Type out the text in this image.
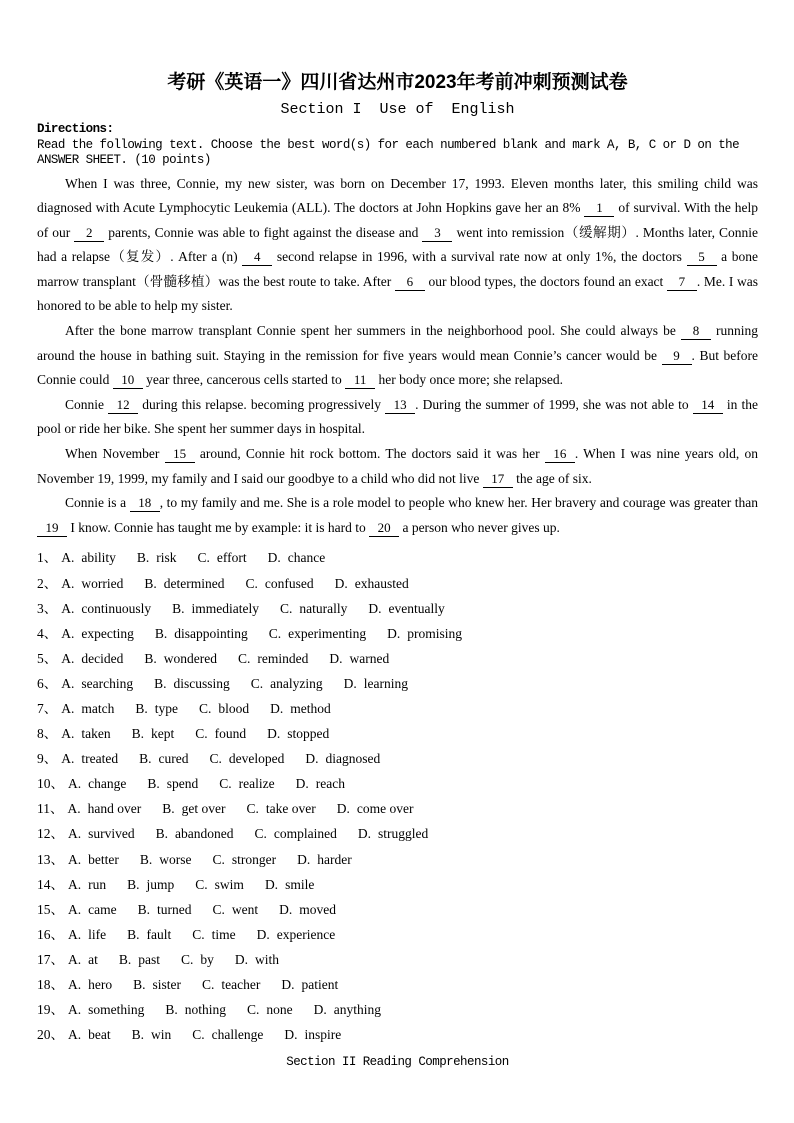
考研《英语一》四川省达州市2023年考前冲刺预测试卷
Section I  Use of  English
Directions:
Read the following text. Choose the best word(s) for each numbered blank and mark A, B, C or D on the ANSWER SHEET. (10 points)

When I was three, Connie, my new sister, was born on December 17, 1993. Eleven months later, this smiling child was diagnosed with Acute Lymphocytic Leukemia (ALL). The doctors at John Hopkins gave her an 8% 1 of survival. With the help of our 2 parents, Connie was able to fight against the disease and 3 went into remission（缓解期）. Months later, Connie had a relapse（复发）. After a (n) 4 second relapse in 1996, with a survival rate now at only 1%, the doctors 5 a bone marrow transplant（骨髓移植）was the best route to take. After 6 our blood types, the doctors found an exact 7 . Me. I was honored to be able to help my sister.

After the bone marrow transplant Connie spent her summers in the neighborhood pool. She could always be 8 running around the house in bathing suit. Staying in the remission for five years would mean Connie’s cancer would be 9 . But before Connie could 10 year three, cancerous cells started to 11 her body once more; she relapsed.

Connie 12 during this relapse. becoming progressively 13 . During the summer of 1999, she was not able to 14 in the pool or ride her bike. She spent her summer days in hospital.

When November 15 around, Connie hit rock bottom. The doctors said it was her 16 . When I was nine years old, on November 19, 1999, my family and I said our goodbye to a child who did not live 17 the age of six.

Connie is a 18 , to my family and me. She is a role model to people who knew her. Her bravery and courage was greater than 19 I know. Connie has taught me by example: it is hard to 20 a person who never gives up.

1、 A. ability B. risk C. effort D. chance
2、 A. worried B. determined C. confused D. exhausted
3、 A. continuously B. immediately C. naturally D. eventually
4、 A. expecting B. disappointing C. experimenting D. promising
5、 A. decided B. wondered C. reminded D. warned
6、 A. searching B. discussing C. analyzing D. learning
7、 A. match B. type C. blood D. method
8、 A. taken B. kept C. found D. stopped
9、 A. treated B. cured C. developed D. diagnosed
10、 A. change B. spend C. realize D. reach
11、 A. hand over B. get over C. take over D. come over
12、 A. survived B. abandoned C. complained D. struggled
13、 A. better B. worse C. stronger D. harder
14、 A. run B. jump C. swim D. smile
15、 A. came B. turned C. went D. moved
16、 A. life B. fault C. time D. experience
17、 A. at B. past C. by D. with
18、 A. hero B. sister C. teacher D. patient
19、 A. something B. nothing C. none D. anything
20、 A. beat B. win C. challenge D. inspire
Section II Reading Comprehension
